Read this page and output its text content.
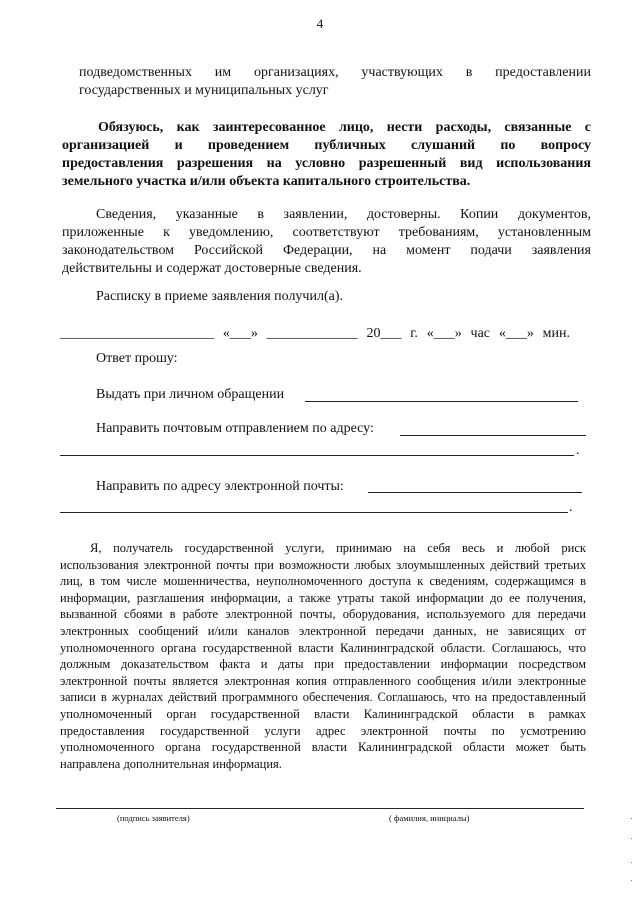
4
подведомственных им организациях, участвующих в предоставлении
государственных и муниципальных услуг
Обязуюсь, как заинтересованное лицо, нести расходы, связанные с
организацией и проведением публичных слушаний по вопросу
предоставления разрешения на условно разрешенный вид использования
земельного участка и/или объекта капитального строительства.
Сведения, указанные в заявлении, достоверны. Копии документов,
приложенные к уведомлению, соответствуют требованиям, установленным
законодательством Российской Федерации, на момент подачи заявления
действительны и содержат достоверные сведения.
Расписку в приеме заявления получил(а).
______________________ «___» _____________ 20___ г. «___» час «___» мин.
Ответ прошу:
Выдать при личном обращении
Направить почтовым отправлением по адресу:
.
Направить по адресу электронной почты:
.
Я, получатель государственной услуги, принимаю на себя весь и любой риск
использования электронной почты при возможности любых злоумышленных действий третьих
лиц, в том числе мошенничества, неуполномоченного доступа к сведениям, содержащимся в
информации, разглашения информации, а также утраты такой информации до ее получения,
вызванной сбоями в работе электронной почты, оборудования, используемого для передачи
электронных сообщений и/или каналов электронной передачи данных, не зависящих от
уполномоченного органа государственной власти Калининградской области. Соглашаюсь, что
должным доказательством факта и даты при предоставлении информации посредством
электронной почты является электронная копия отправленного сообщения и/или электронные
записи в журналах действий программного обеспечения. Соглашаюсь, что на предоставленный
уполномоченный орган государственной власти Калининградской области в рамках
предоставления государственной услуги адрес электронной почты по усмотрению
уполномоченного органа государственной власти Калининградской области может быть
направлена дополнительная информация.
(подпись заявителя)	( фамилия, инициалы)
